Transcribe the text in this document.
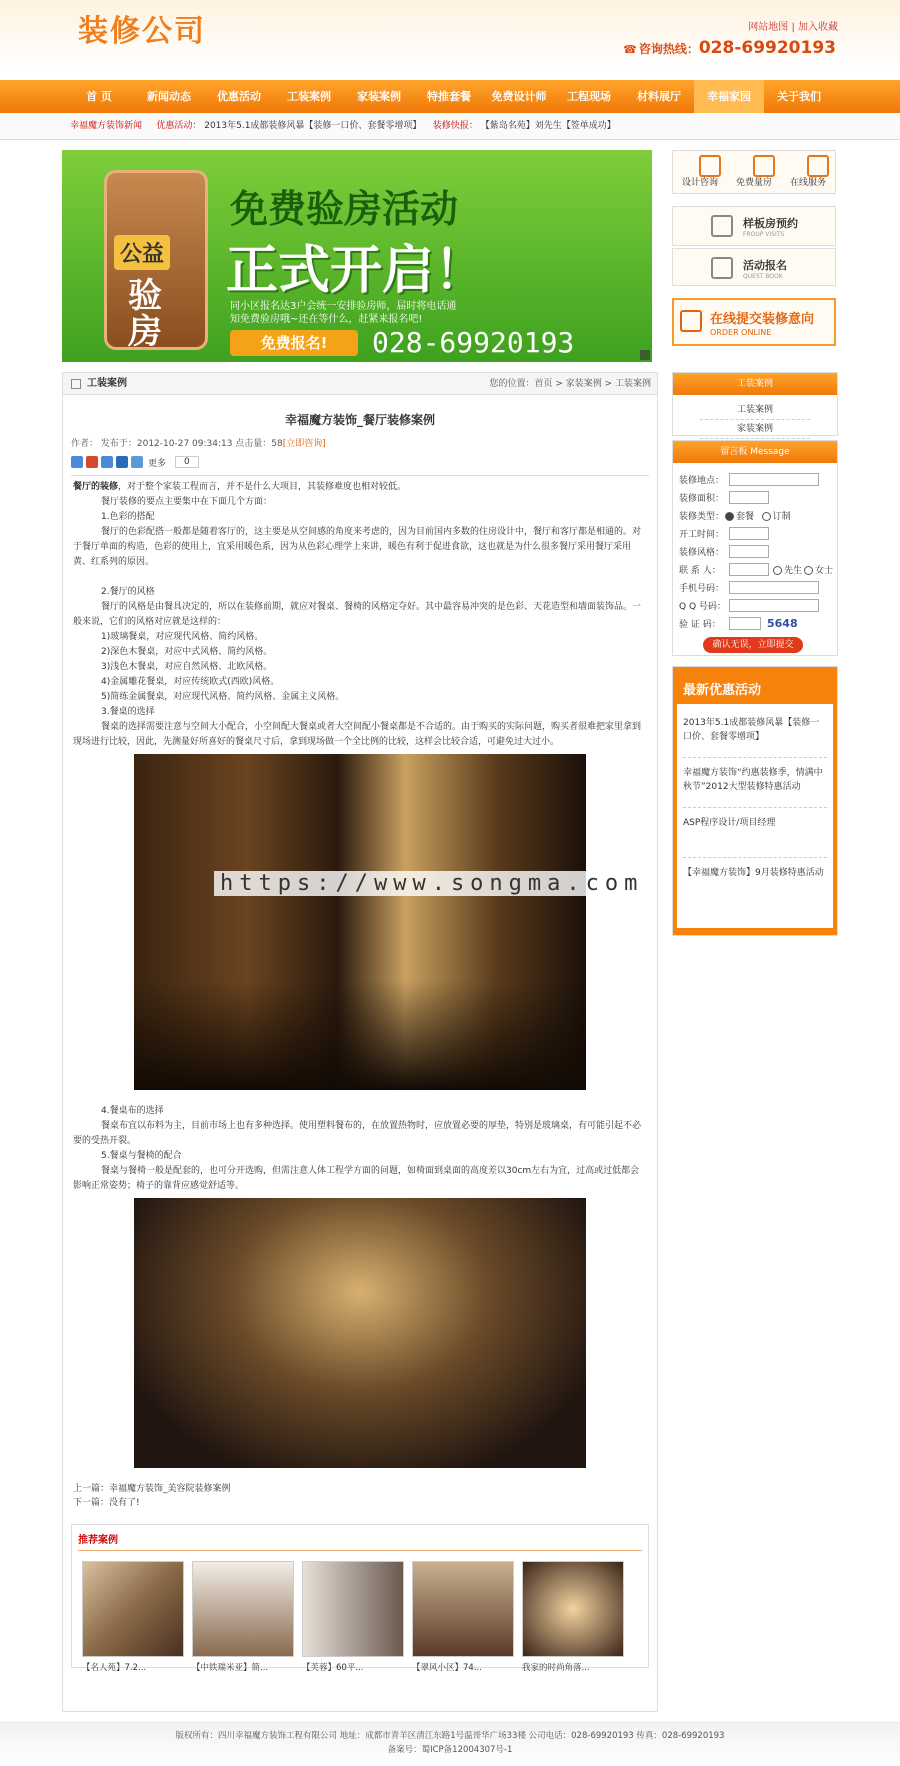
装修公司	网站地图 | 加入收藏
☎ 咨询热线：028-69920193
首 页	新闻动态	优惠活动	工装案例	家装案例	特推套餐	免费设计师	工程现场	材料展厅	幸福家园	关于我们
幸福魔方装饰新闻 优惠活动： 2013年5.1成都装修风暴【装修一口价、套餐零增项】 装修快报： 【紫岛名苑】刘先生【签单成功】
公益
验房
免费验房活动
正式开启！
同小区报名达3户会统一安排验房师，届时将电话通知免费验房哦~还在等什么，赶紧来报名吧!
免费报名!	028-69920193
设计咨询	免费量房	在线服务
样板房预约
FROUP VISITS
活动报名
QUEST BOOK
在线提交装修意向
ORDER ONLINE
工装案例

工装案例

家装案例

留言板 Message
装修地点：
装修面积：
装修类型：	套餐 订制
开工时间：
装修风格：
联 系 人：	先生 女士
手机号码：
Q Q 号码：
验 证 码：	5648
确认无误，立即提交
最新优惠活动

2013年5.1成都装修风暴【装修一口价、套餐零增项】

幸福魔方装饰“约惠装修季，情满中秋节”2012大型装修特惠活动

ASP程序设计/项目经理

【幸福魔方装饰】9月装修特惠活动

工装案例	您的位置：首页 > 家装案例 > 工装案例
幸福魔方装饰_餐厅装修案例
作者： 发布于：2012-10-27 09:34:13 点击量：58[立即咨询]
更多	0

餐厅的装修，对于整个家装工程而言，并不是什么大项目，其装修难度也相对较低。

餐厅装修的要点主要集中在下面几个方面：

1.色彩的搭配

餐厅的色彩配搭一般都是随着客厅的，这主要是从空间感的角度来考虑的，因为目前国内多数的住房设计中，餐厅和客厅都是相通的。对于餐厅单面的构造，色彩的使用上，宜采用暖色系，因为从色彩心理学上来讲，暖色有利于促进食欲，这也就是为什么很多餐厅采用餐厅采用黄、红系列的原因。

2.餐厅的风格

餐厅的风格是由餐具决定的，所以在装修前期，就应对餐桌、餐椅的风格定夺好。其中最容易冲突的是色彩、天花造型和墙面装饰品。一般来说，它们的风格对应就是这样的：

1)玻璃餐桌，对应现代风格、简约风格。

2)深色木餐桌，对应中式风格、简约风格。

3)浅色木餐桌，对应自然风格、北欧风格。

4)金属雕花餐桌，对应传统欧式(西欧)风格。

5)简练金属餐桌，对应现代风格、简约风格、金属主义风格。

3.餐桌的选择

餐桌的选择需要注意与空间大小配合，小空间配大餐桌或者大空间配小餐桌都是不合适的。由于购买的实际问题，购买者很难把家里拿到现场进行比较，因此，先测量好所喜好的餐桌尺寸后，拿到现场做一个全比例的比较，这样会比较合适，可避免过大过小。

4.餐桌布的选择

餐桌布宜以布料为主，目前市场上也有多种选择。使用塑料餐布的，在放置热物时，应放置必要的厚垫，特别是玻璃桌，有可能引起不必要的受热开裂。

5.餐桌与餐椅的配合

餐桌与餐椅一般是配套的，也可分开选购，但需注意人体工程学方面的问题，如椅面到桌面的高度差以30cm左右为宜，过高或过低都会影响正常姿势；椅子的靠背应感觉舒适等。

上一篇：幸福魔方装饰_美容院装修案例

下一篇：没有了!

推荐案例

【名人苑】7.2...	【中铁瑞米亚】简...	【芙蓉】60平...	【翠风小区】74...	我家的时尚角落...

https://www.songma.com

版权所有：四川幸福魔方装饰工程有限公司 地址：成都市青羊区清江东路1号温哥华广场33楼 公司电话：028-69920193 传真：028-69920193

备案号：蜀ICP备12004307号-1
